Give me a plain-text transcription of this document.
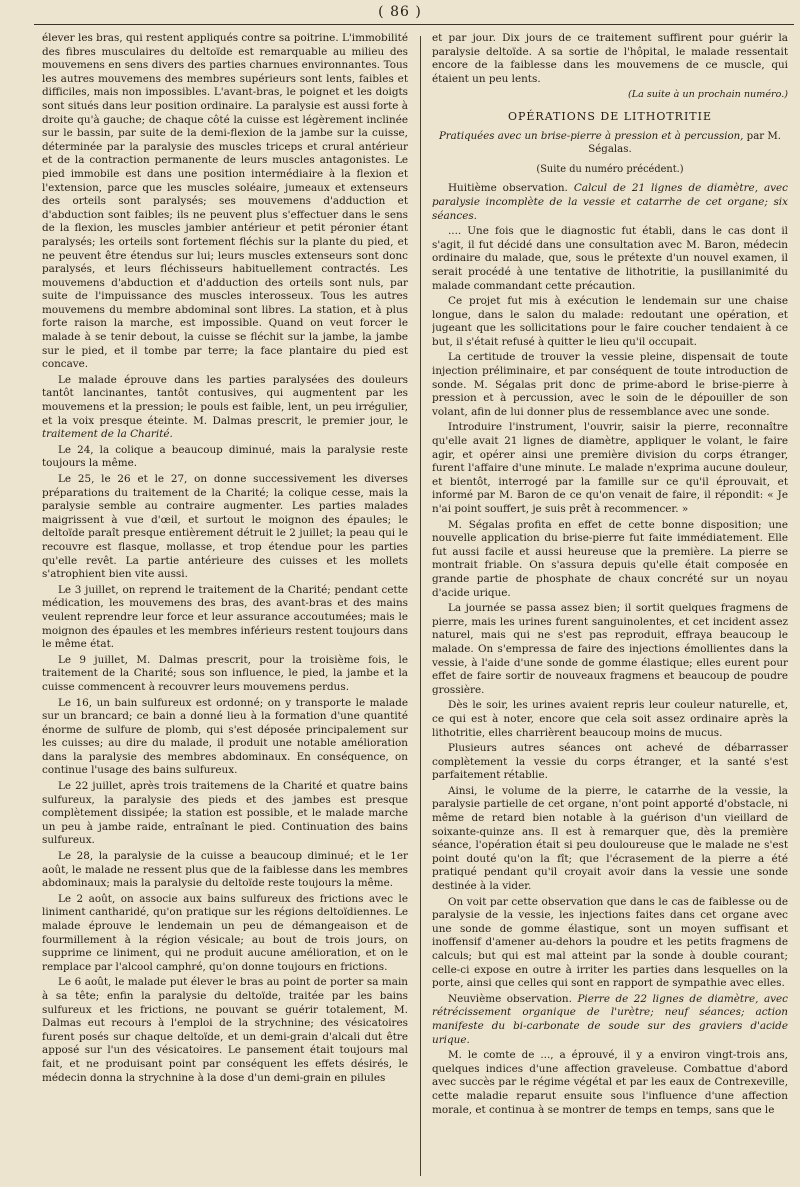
( 86 )

élever les bras, qui restent appliqués contre sa poitrine. L'immobilité des fibres musculaires du deltoïde est remarquable au milieu des mouvemens en sens divers des parties charnues environnantes. Tous les autres mouvemens des membres supérieurs sont lents, faibles et difficiles, mais non impossibles. L'avant-bras, le poignet et les doigts sont situés dans leur position ordinaire. La paralysie est aussi forte à droite qu'à gauche; de chaque côté la cuisse est légèrement inclinée sur le bassin, par suite de la demi-flexion de la jambe sur la cuisse, déterminée par la paralysie des muscles triceps et crural antérieur et de la contraction permanente de leurs muscles antagonistes. Le pied immobile est dans une position intermédiaire à la flexion et l'extension, parce que les muscles soléaire, jumeaux et extenseurs des orteils sont paralysés; ses mouvemens d'adduction et d'abduction sont faibles; ils ne peuvent plus s'effectuer dans le sens de la flexion, les muscles jambier antérieur et petit péronier étant paralysés; les orteils sont fortement fléchis sur la plante du pied, et ne peuvent être étendus sur lui; leurs muscles extenseurs sont donc paralysés, et leurs fléchisseurs habituellement contractés. Les mouvemens d'abduction et d'adduction des orteils sont nuls, par suite de l'impuissance des muscles interosseux. Tous les autres mouvemens du membre abdominal sont libres. La station, et à plus forte raison la marche, est impossible. Quand on veut forcer le malade à se tenir debout, la cuisse se fléchit sur la jambe, la jambe sur le pied, et il tombe par terre; la face plantaire du pied est concave.

Le malade éprouve dans les parties paralysées des douleurs tantôt lancinantes, tantôt contusives, qui augmentent par les mouvemens et la pression; le pouls est faible, lent, un peu irrégulier, et la voix presque éteinte. M. Dalmas prescrit, le premier jour, le traitement de la Charité.

Le 24, la colique a beaucoup diminué, mais la paralysie reste toujours la même.

Le 25, le 26 et le 27, on donne successivement les diverses préparations du traitement de la Charité; la colique cesse, mais la paralysie semble au contraire augmenter. Les parties malades maigrissent à vue d'œil, et surtout le moignon des épaules; le deltoïde paraît presque entièrement détruit le 2 juillet; la peau qui le recouvre est flasque, mollasse, et trop étendue pour les parties qu'elle revêt. La partie antérieure des cuisses et les mollets s'atrophient bien vite aussi.

Le 3 juillet, on reprend le traitement de la Charité; pendant cette médication, les mouvemens des bras, des avant-bras et des mains veulent reprendre leur force et leur assurance accoutumées; mais le moignon des épaules et les membres inférieurs restent toujours dans le même état.

Le 9 juillet, M. Dalmas prescrit, pour la troisième fois, le traitement de la Charité; sous son influence, le pied, la jambe et la cuisse commencent à recouvrer leurs mouvemens perdus.

Le 16, un bain sulfureux est ordonné; on y transporte le malade sur un brancard; ce bain a donné lieu à la formation d'une quantité énorme de sulfure de plomb, qui s'est déposée principalement sur les cuisses; au dire du malade, il produit une notable amélioration dans la paralysie des membres abdominaux. En conséquence, on continue l'usage des bains sulfureux.

Le 22 juillet, après trois traitemens de la Charité et quatre bains sulfureux, la paralysie des pieds et des jambes est presque complètement dissipée; la station est possible, et le malade marche un peu à jambe raide, entraînant le pied. Continuation des bains sulfureux.

Le 28, la paralysie de la cuisse a beaucoup diminué; et le 1er août, le malade ne ressent plus que de la faiblesse dans les membres abdominaux; mais la paralysie du deltoïde reste toujours la même.

Le 2 août, on associe aux bains sulfureux des frictions avec le liniment cantharidé, qu'on pratique sur les régions deltoïdiennes. Le malade éprouve le lendemain un peu de démangeaison et de fourmillement à la région vésicale; au bout de trois jours, on supprime ce liniment, qui ne produit aucune amélioration, et on le remplace par l'alcool camphré, qu'on donne toujours en frictions.

Le 6 août, le malade put élever le bras au point de porter sa main à sa tête; enfin la paralysie du deltoïde, traitée par les bains sulfureux et les frictions, ne pouvant se guérir totalement, M. Dalmas eut recours à l'emploi de la strychnine; des vésicatoires furent posés sur chaque deltoïde, et un demi-grain d'alcali dut être apposé sur l'un des vésicatoires. Le pansement était toujours mal fait, et ne produisant point par conséquent les effets désirés, le médecin donna la strychnine à la dose d'un demi-grain en pilules

et par jour. Dix jours de ce traitement suffirent pour guérir la paralysie deltoïde. A sa sortie de l'hôpital, le malade ressentait encore de la faiblesse dans les mouvemens de ce muscle, qui étaient un peu lents.

(La suite à un prochain numéro.)
OPÉRATIONS DE LITHOTRITIE
Pratiquées avec un brise-pierre à pression et à percussion, par M. Ségalas.
(Suite du numéro précédent.)

Huitième observation. Calcul de 21 lignes de diamètre, avec paralysie incomplète de la vessie et catarrhe de cet organe; six séances.

.... Une fois que le diagnostic fut établi, dans le cas dont il s'agit, il fut décidé dans une consultation avec M. Baron, médecin ordinaire du malade, que, sous le prétexte d'un nouvel examen, il serait procédé à une tentative de lithotritie, la pusillanimité du malade commandant cette précaution.

Ce projet fut mis à exécution le lendemain sur une chaise longue, dans le salon du malade: redoutant une opération, et jugeant que les sollicitations pour le faire coucher tendaient à ce but, il s'était refusé à quitter le lieu qu'il occupait.

La certitude de trouver la vessie pleine, dispensait de toute injection préliminaire, et par conséquent de toute introduction de sonde. M. Ségalas prit donc de prime-abord le brise-pierre à pression et à percussion, avec le soin de le dépouiller de son volant, afin de lui donner plus de ressemblance avec une sonde.

Introduire l'instrument, l'ouvrir, saisir la pierre, reconnaître qu'elle avait 21 lignes de diamètre, appliquer le volant, le faire agir, et opérer ainsi une première division du corps étranger, furent l'affaire d'une minute. Le malade n'exprima aucune douleur, et bientôt, interrogé par la famille sur ce qu'il éprouvait, et informé par M. Baron de ce qu'on venait de faire, il répondit: « Je n'ai point souffert, je suis prêt à recommencer. »

M. Ségalas profita en effet de cette bonne disposition; une nouvelle application du brise-pierre fut faite immédiatement. Elle fut aussi facile et aussi heureuse que la première. La pierre se montrait friable. On s'assura depuis qu'elle était composée en grande partie de phosphate de chaux concrété sur un noyau d'acide urique.

La journée se passa assez bien; il sortit quelques fragmens de pierre, mais les urines furent sanguinolentes, et cet incident assez naturel, mais qui ne s'est pas reproduit, effraya beaucoup le malade. On s'empressa de faire des injections émollientes dans la vessie, à l'aide d'une sonde de gomme élastique; elles eurent pour effet de faire sortir de nouveaux fragmens et beaucoup de poudre grossière.

Dès le soir, les urines avaient repris leur couleur naturelle, et, ce qui est à noter, encore que cela soit assez ordinaire après la lithotritie, elles charrièrent beaucoup moins de mucus.

Plusieurs autres séances ont achevé de débarrasser complètement la vessie du corps étranger, et la santé s'est parfaitement rétablie.

Ainsi, le volume de la pierre, le catarrhe de la vessie, la paralysie partielle de cet organe, n'ont point apporté d'obstacle, ni même de retard bien notable à la guérison d'un vieillard de soixante-quinze ans. Il est à remarquer que, dès la première séance, l'opération était si peu douloureuse que le malade ne s'est point douté qu'on la fît; que l'écrasement de la pierre a été pratiqué pendant qu'il croyait avoir dans la vessie une sonde destinée à la vider.

On voit par cette observation que dans le cas de faiblesse ou de paralysie de la vessie, les injections faites dans cet organe avec une sonde de gomme élastique, sont un moyen suffisant et inoffensif d'amener au-dehors la poudre et les petits fragmens de calculs; but qui est mal atteint par la sonde à double courant; celle-ci expose en outre à irriter les parties dans lesquelles on la porte, ainsi que celles qui sont en rapport de sympathie avec elles.

Neuvième observation. Pierre de 22 lignes de diamètre, avec rétrécissement organique de l'urètre; neuf séances; action manifeste du bi-carbonate de soude sur des graviers d'acide urique.

M. le comte de ..., a éprouvé, il y a environ vingt-trois ans, quelques indices d'une affection graveleuse. Combattue d'abord avec succès par le régime végétal et par les eaux de Contrexeville, cette maladie reparut ensuite sous l'influence d'une affection morale, et continua à se montrer de temps en temps, sans que le
